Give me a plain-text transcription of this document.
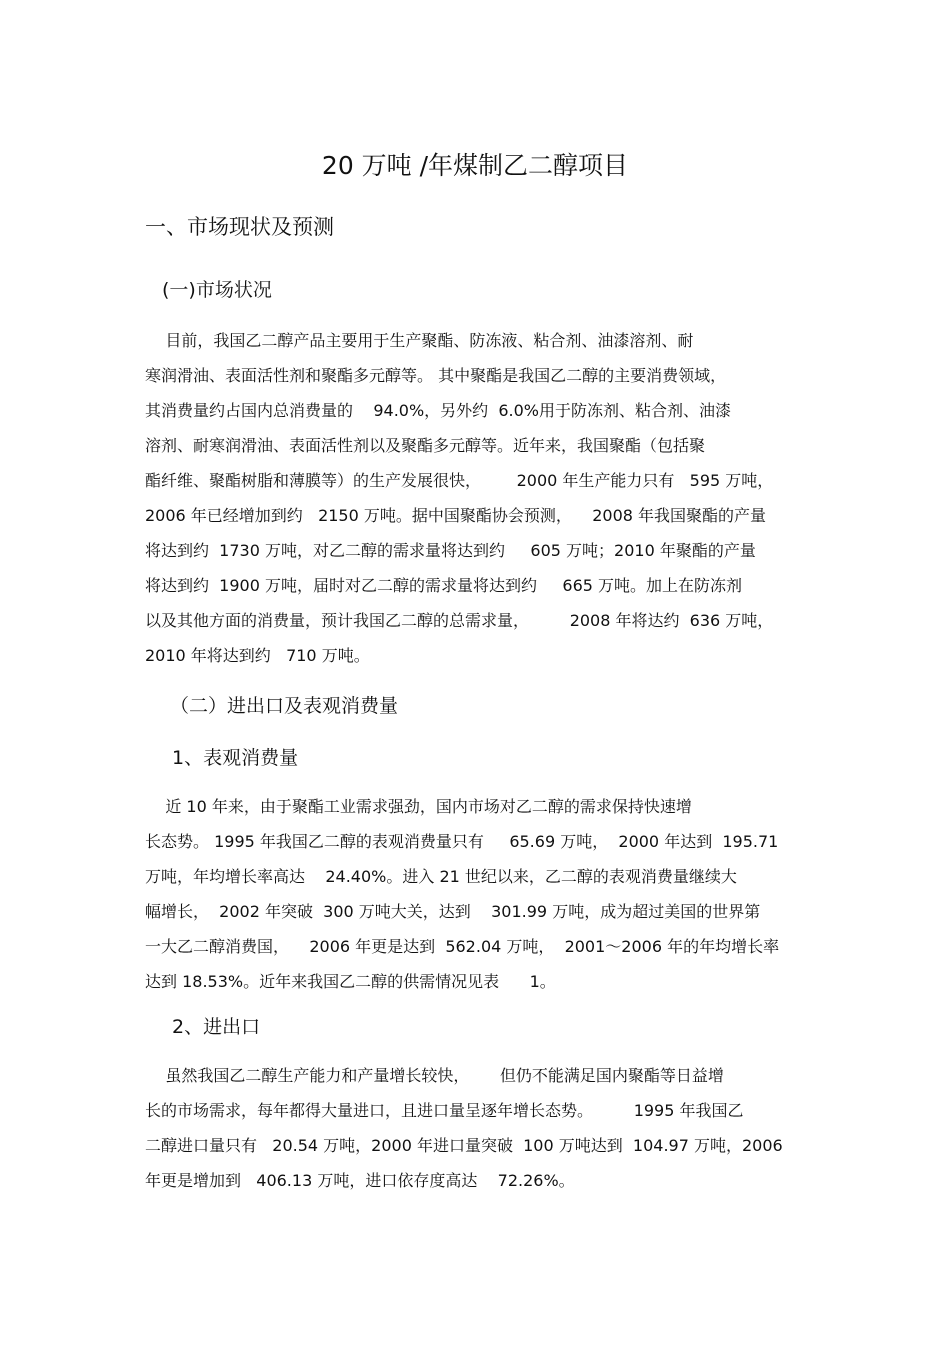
20 万吨 /年煤制乙二醇项目
一、市场现状及预测
(一)市场状况
目前，我国乙二醇产品主要用于生产聚酯、防冻液、粘合剂、油漆溶剂、耐
寒润滑油、表面活性剂和聚酯多元醇等。 其中聚酯是我国乙二醇的主要消费领域，
其消费量约占国内总消费量的    94.0%，另外约  6.0%用于防冻剂、粘合剂、油漆
溶剂、耐寒润滑油、表面活性剂以及聚酯多元醇等。近年来，我国聚酯（包括聚
酯纤维、聚酯树脂和薄膜等）的生产发展很快，       2000 年生产能力只有   595 万吨，
2006 年已经增加到约   2150 万吨。据中国聚酯协会预测，    2008 年我国聚酯的产量
将达到约  1730 万吨，对乙二醇的需求量将达到约     605 万吨；2010 年聚酯的产量
将达到约  1900 万吨，届时对乙二醇的需求量将达到约     665 万吨。加上在防冻剂
以及其他方面的消费量，预计我国乙二醇的总需求量，        2008 年将达约  636 万吨，
2010 年将达到约   710 万吨。
（二）进出口及表观消费量
1、表观消费量
近 10 年来，由于聚酯工业需求强劲，国内市场对乙二醇的需求保持快速增
长态势。 1995 年我国乙二醇的表观消费量只有     65.69 万吨，  2000 年达到  195.71
万吨，年均增长率高达    24.40%。进入 21 世纪以来，乙二醇的表观消费量继续大
幅增长，  2002 年突破  300 万吨大关，达到    301.99 万吨，成为超过美国的世界第
一大乙二醇消费国，    2006 年更是达到  562.04 万吨，  2001～2006 年的年均增长率
达到 18.53%。近年来我国乙二醇的供需情况见表      1。
2、进出口
虽然我国乙二醇生产能力和产量增长较快，      但仍不能满足国内聚酯等日益增
长的市场需求，每年都得大量进口，且进口量呈逐年增长态势。        1995 年我国乙
二醇进口量只有   20.54 万吨，2000 年进口量突破  100 万吨达到  104.97 万吨，2006
年更是增加到   406.13 万吨，进口依存度高达    72.26%。
